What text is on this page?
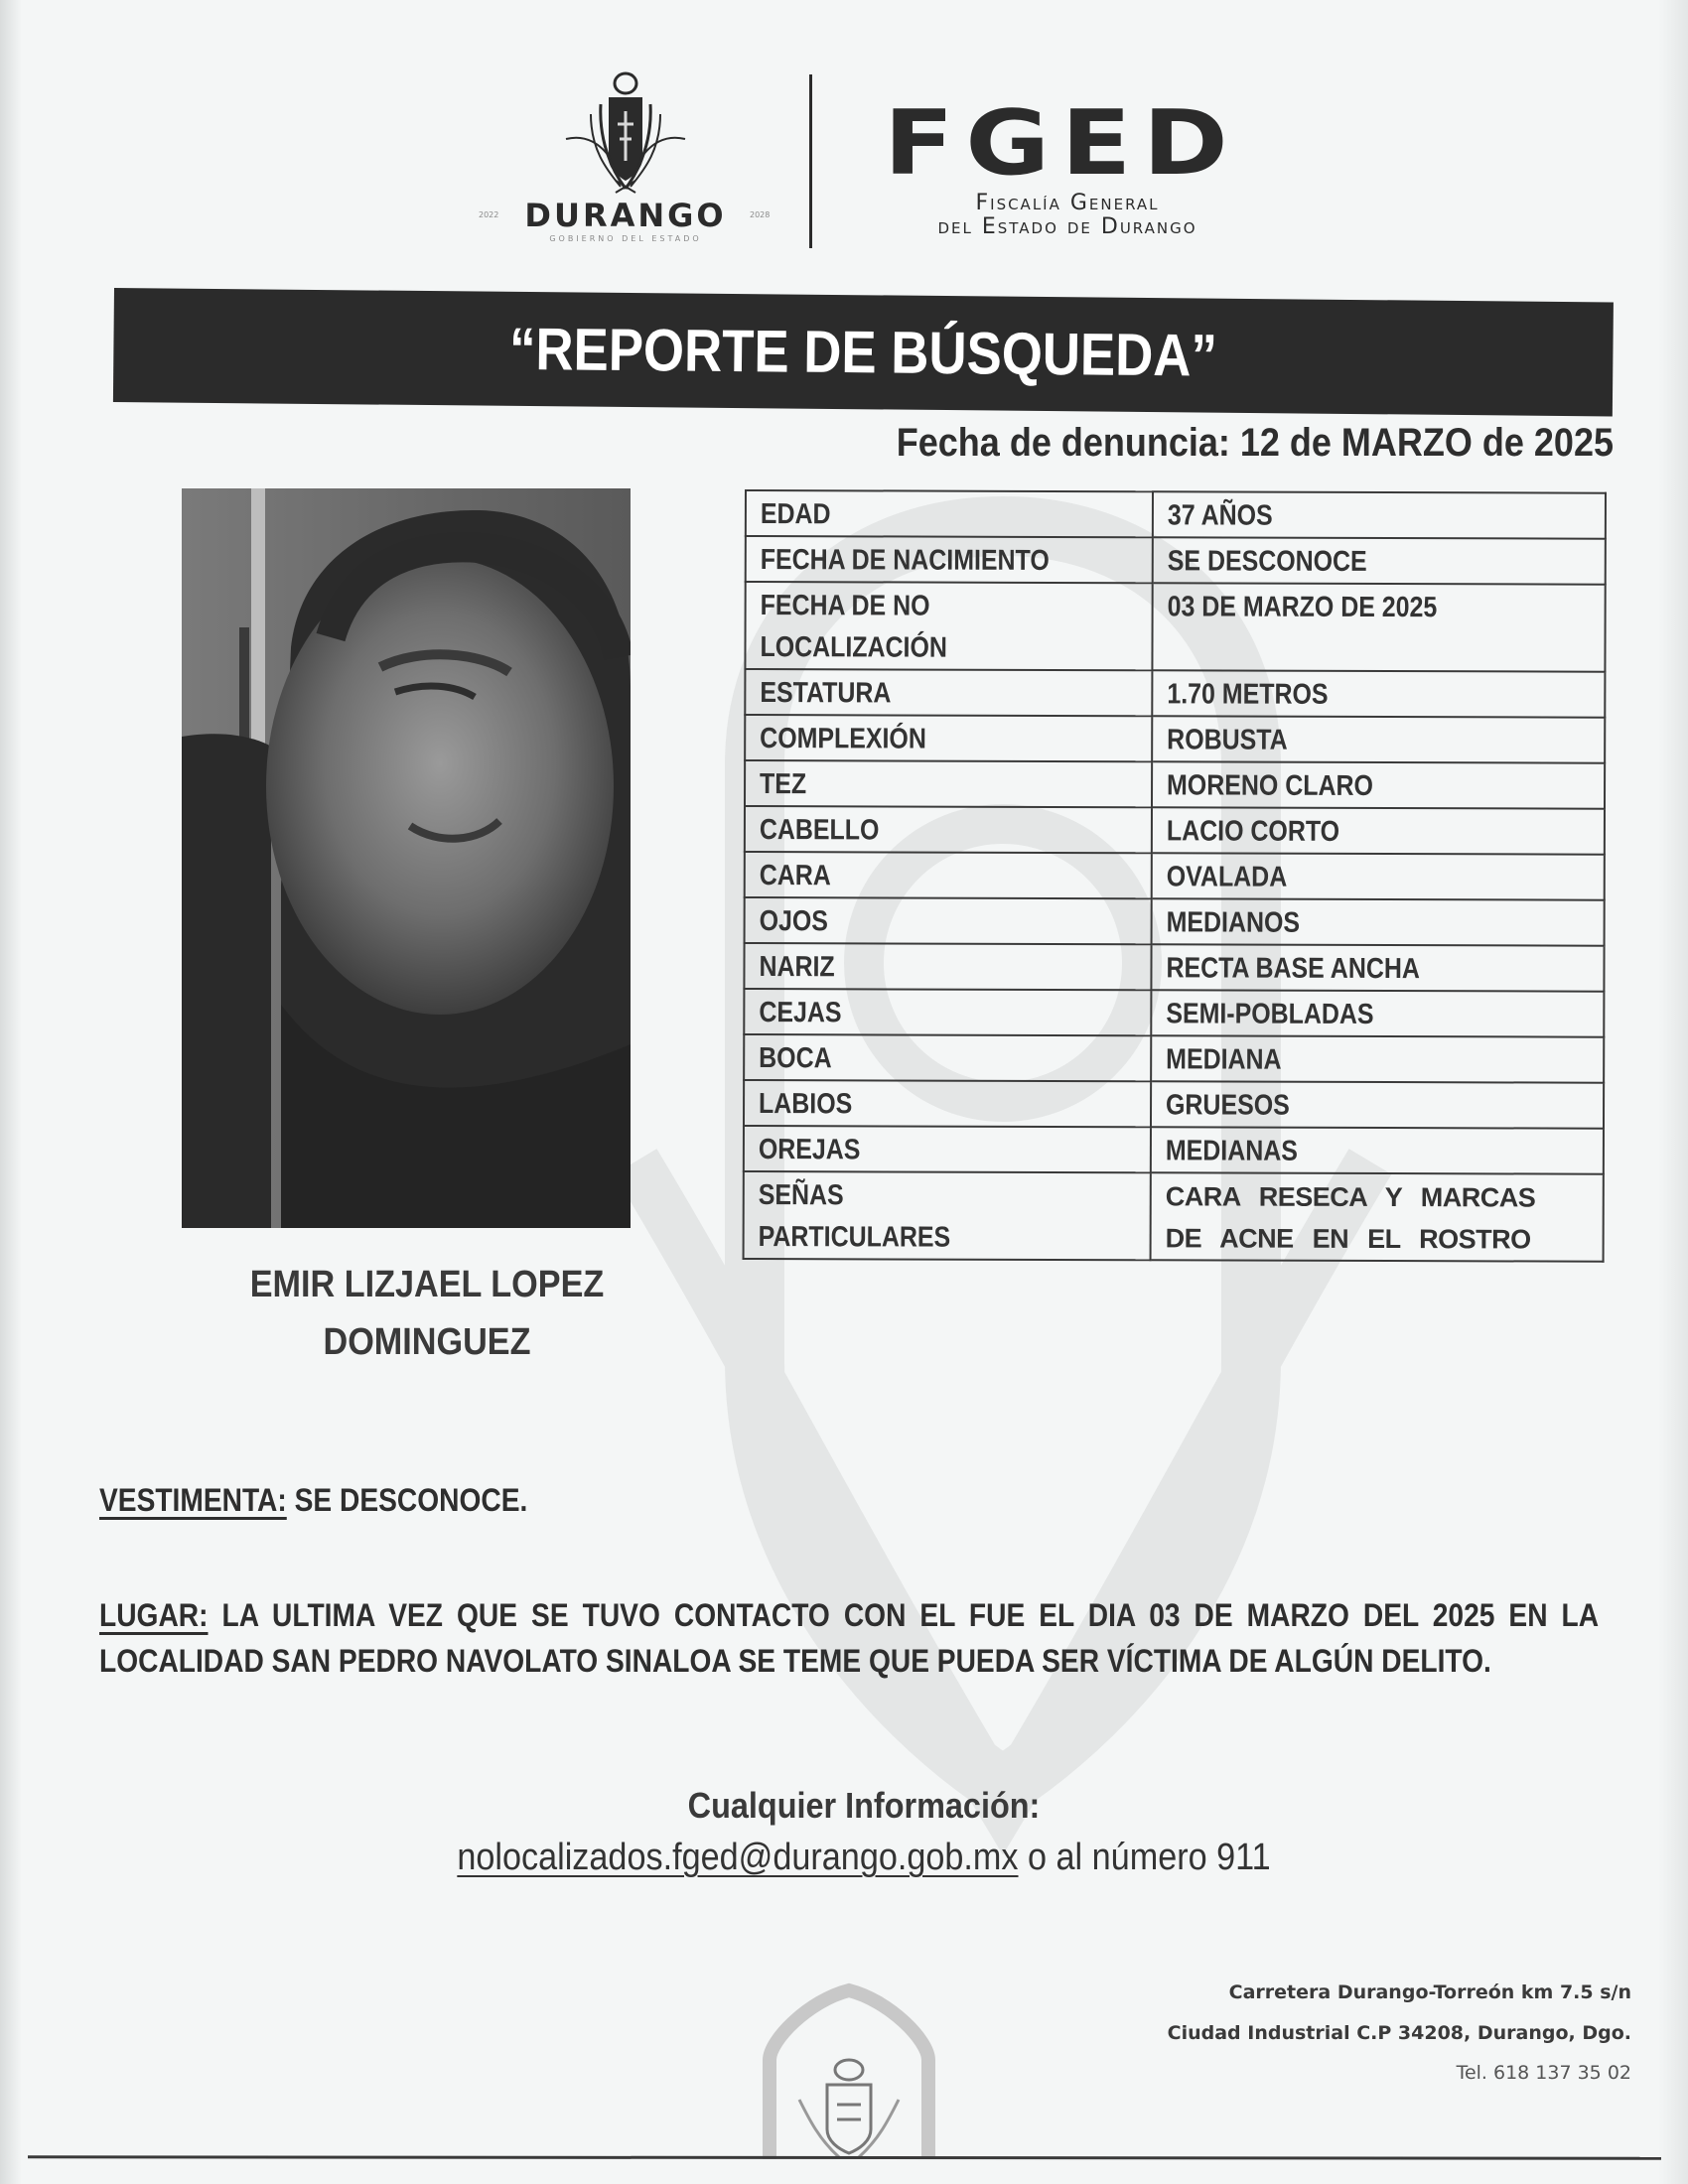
2022 DURANGO	2028
GOBIERNO DEL ESTADO
FGED
Fiscalía General
del Estado de Durango
“REPORTE DE BÚSQUEDA”
Fecha de denuncia: 12 de MARZO de 2025
EMIR LIZJAEL LOPEZ
DOMINGUEZ
EDAD	37 AÑOS
FECHA DE NACIMIENTO	SE DESCONOCE
FECHA DE NO
LOCALIZACIÓN	03 DE MARZO DE 2025
ESTATURA	1.70 METROS
COMPLEXIÓN	ROBUSTA
TEZ	MORENO CLARO
CABELLO	LACIO CORTO
CARA	OVALADA
OJOS	MEDIANOS
NARIZ	RECTA BASE ANCHA
CEJAS	SEMI-POBLADAS
BOCA	MEDIANA
LABIOS	GRUESOS
OREJAS	MEDIANAS
SEÑAS
PARTICULARES	CARA RESECA Y MARCAS DE ACNE EN EL ROSTRO
VESTIMENTA: SE DESCONOCE.
LUGAR: LA ULTIMA VEZ QUE SE TUVO CONTACTO CON EL FUE EL DIA 03 DE MARZO DEL 2025 EN LA LOCALIDAD SAN PEDRO NAVOLATO SINALOA SE TEME QUE PUEDA SER VÍCTIMA DE ALGÚN DELITO.
Cualquier Información:
nolocalizados.fged@durango.gob.mx o al número 911
Carretera Durango-Torreón km 7.5 s/n
Ciudad Industrial C.P 34208, Durango, Dgo.
Tel. 618 137 35 02
